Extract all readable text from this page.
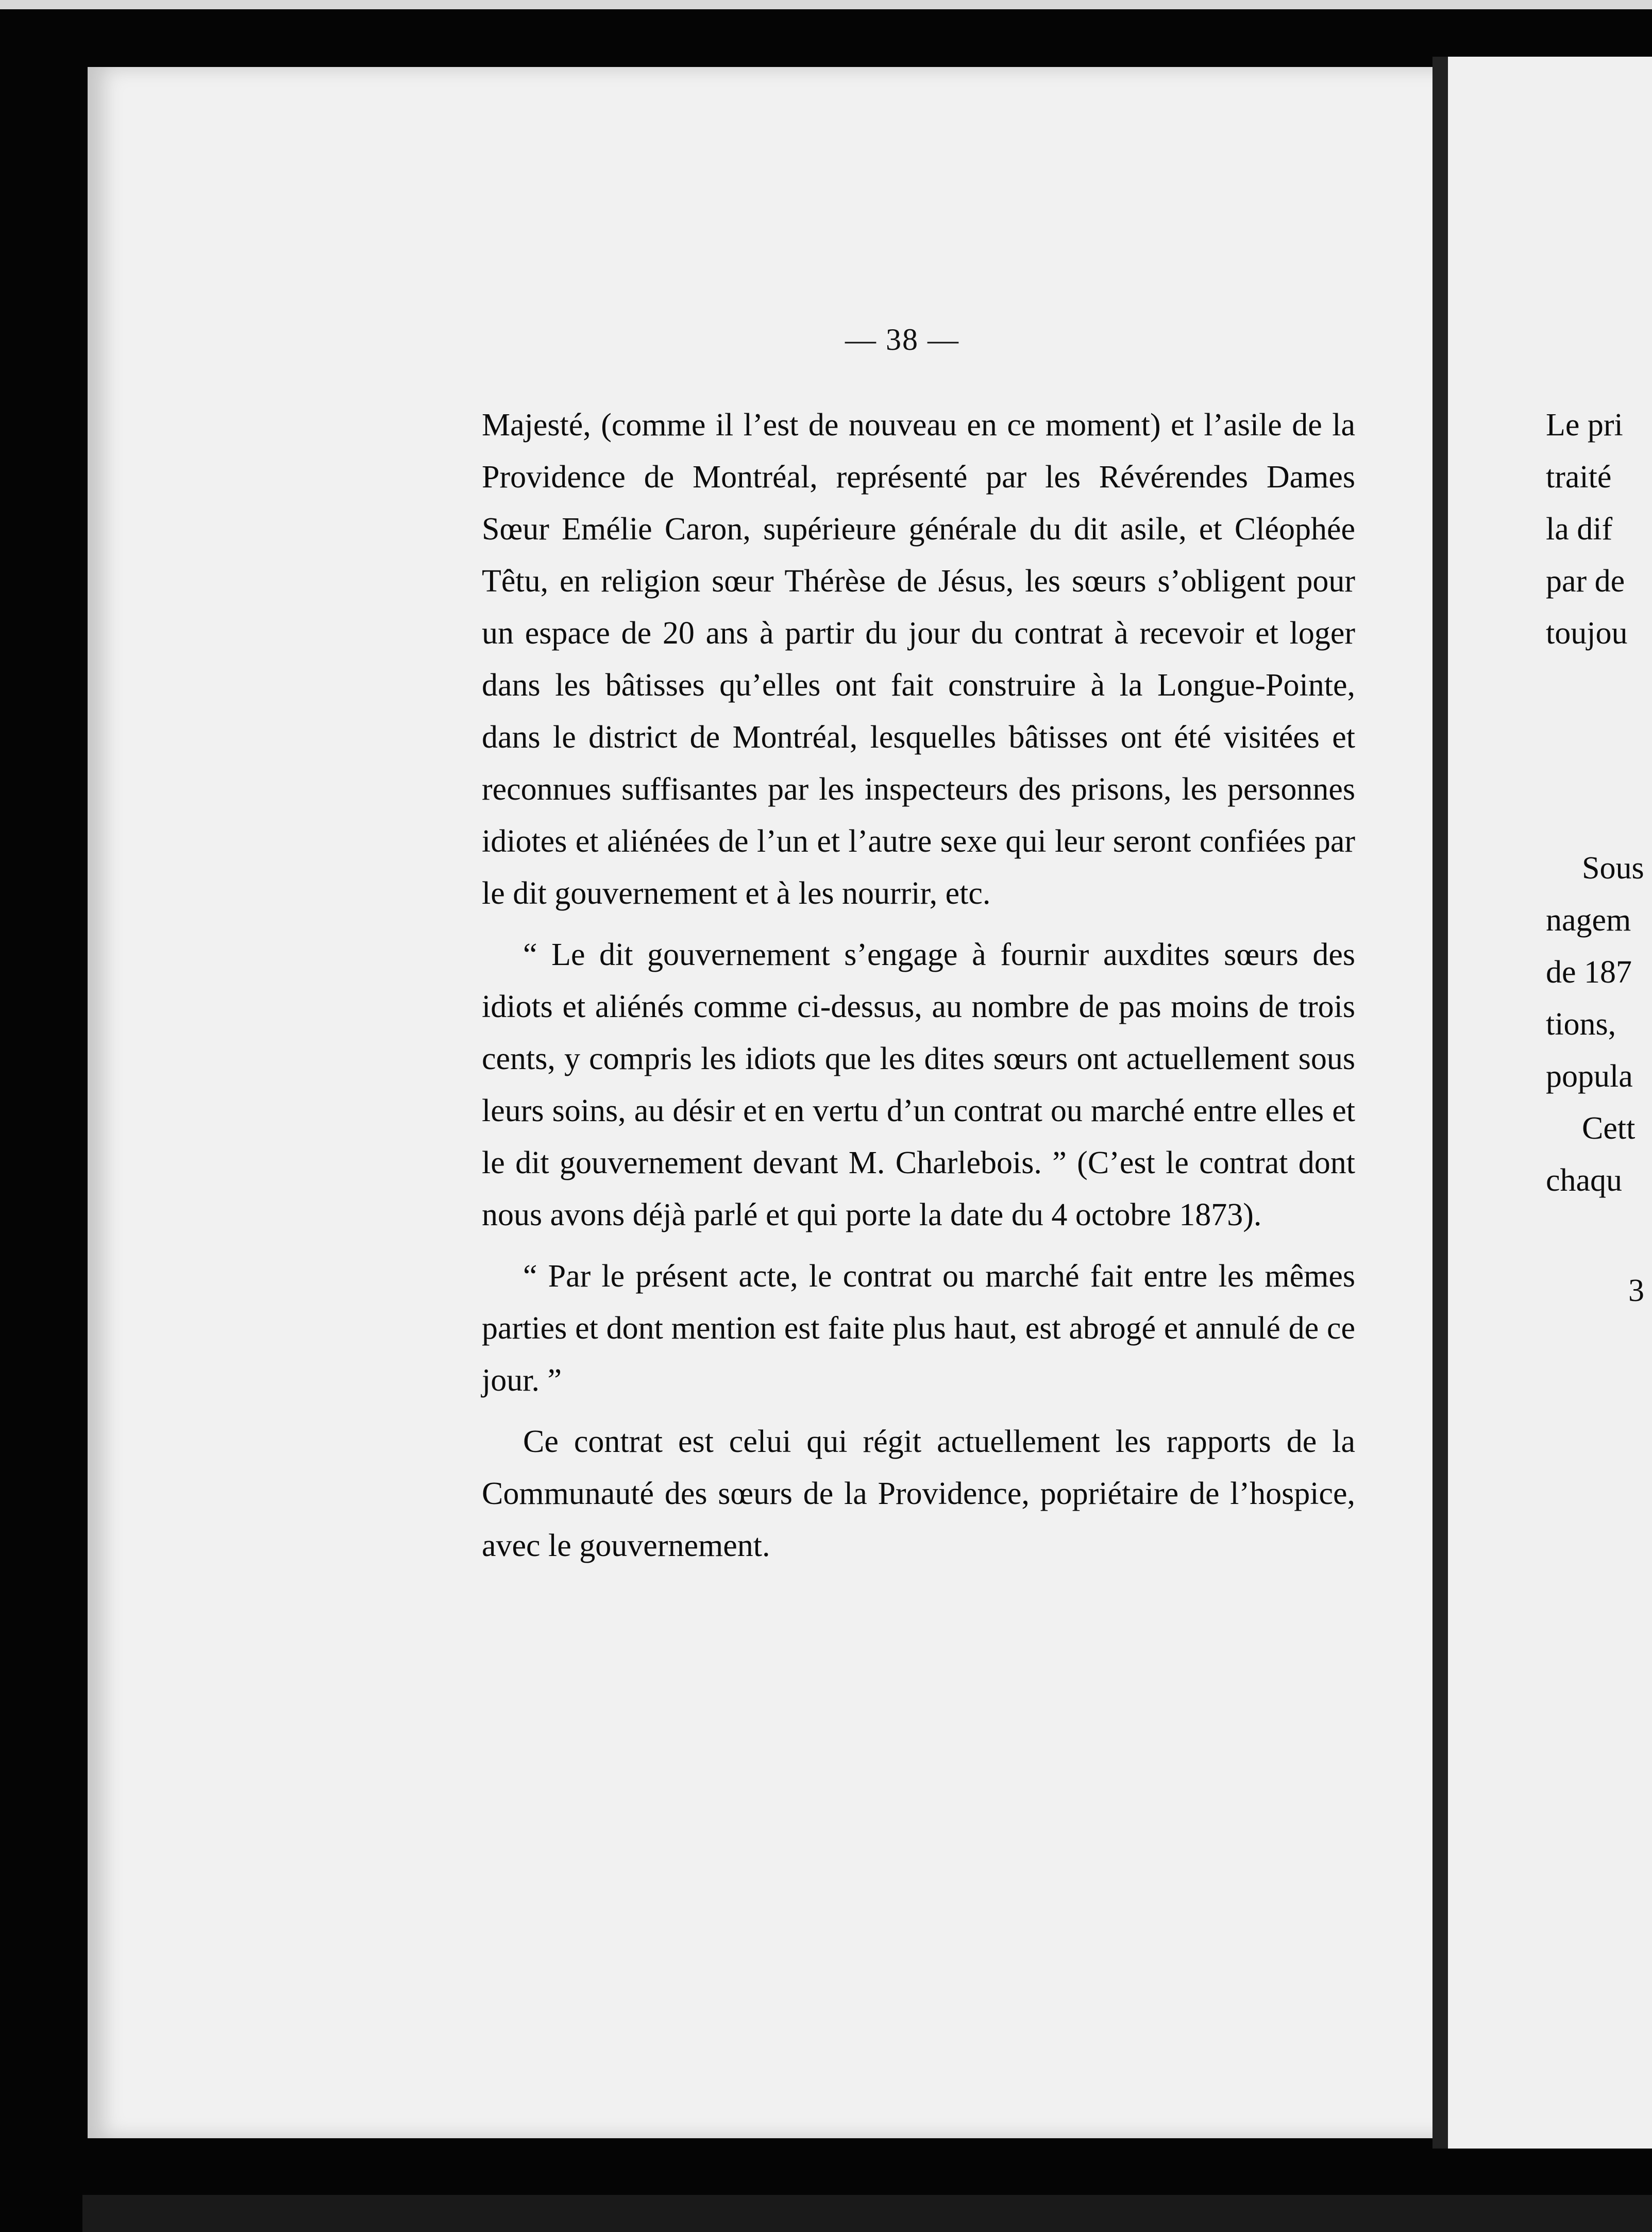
— 38 —

Majesté, (comme il l’est de nouveau en ce moment) et l’asile de la Providence de Montréal, représenté par les Révérendes Dames Sœur Emélie Caron, supérieure générale du dit asile, et Cléophée Têtu, en religion sœur Thérèse de Jésus, les sœurs s’obligent pour un espace de 20 ans à partir du jour du contrat à recevoir et loger dans les bâtisses qu’elles ont fait construire à la Longue-Pointe, dans le district de Montréal, lesquelles bâtisses ont été visitées et reconnues suffisantes par les inspecteurs des prisons, les personnes idiotes et aliénées de l’un et l’autre sexe qui leur seront confiées par le dit gouvernement et à les nourrir, etc.

“ Le dit gouvernement s’engage à fournir auxdites sœurs des idiots et aliénés comme ci-dessus, au nombre de pas moins de trois cents, y compris les idiots que les dites sœurs ont actuellement sous leurs soins, au désir et en vertu d’un contrat ou marché entre elles et le dit gouvernement devant M. Charlebois. ” (C’est le contrat dont nous avons déjà parlé et qui porte la date du 4 octobre 1873).

“ Par le présent acte, le contrat ou marché fait entre les mêmes parties et dont mention est faite plus haut, est abrogé et annulé de ce jour. ”

Ce contrat est celui qui régit actuellement les rapports de la Communauté des sœurs de la Providence, popriétaire de l’hospice, avec le gouvernement.

Le pri
traité
la dif
par de
toujou
Sous
nagem
de 187
tions,
popula
Cett
chaqu
3
